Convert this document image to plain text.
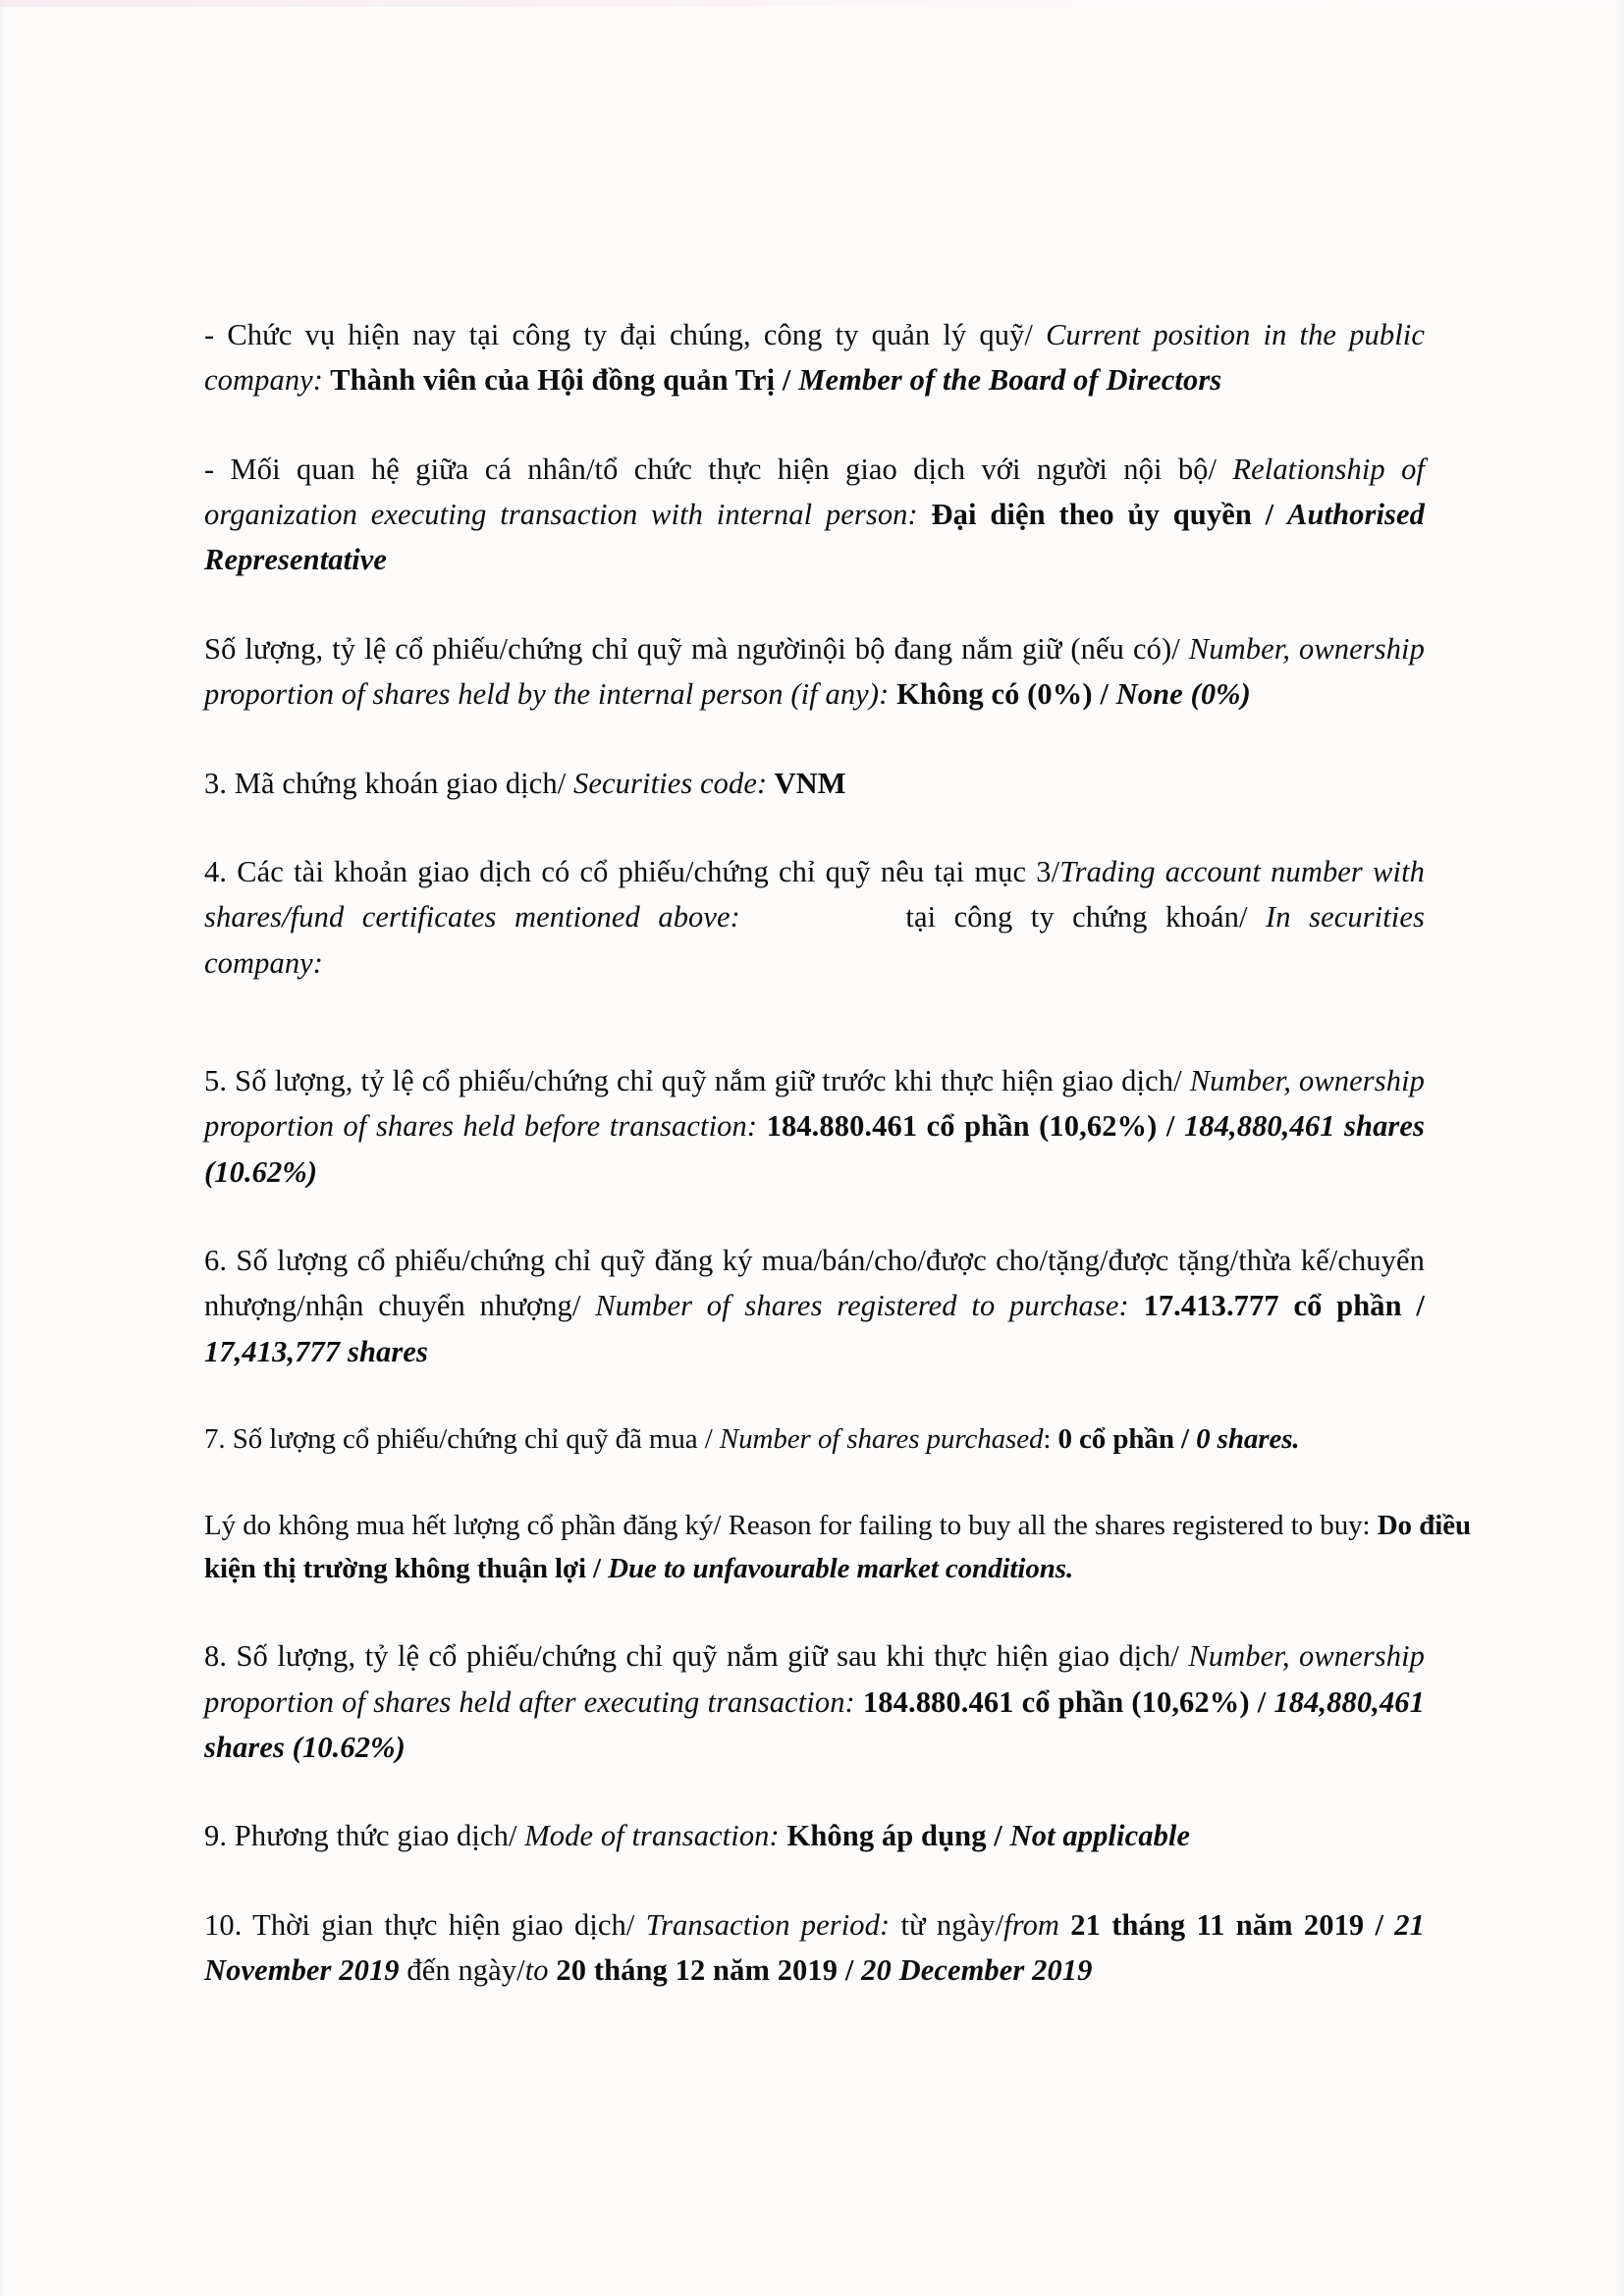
- Chức vụ hiện nay tại công ty đại chúng, công ty quản lý quỹ/ Current position in the public company: Thành viên của Hội đồng quản Trị / Member of the Board of Directors

- Mối quan hệ giữa cá nhân/tổ chức thực hiện giao dịch với người nội bộ/ Relationship of organization executing transaction with internal person: Đại diện theo ủy quyền / Authorised Representative

Số lượng, tỷ lệ cổ phiếu/chứng chỉ quỹ mà ngườinội bộ đang nắm giữ (nếu có)/ Number, ownership proportion of shares held by the internal person (if any): Không có (0%) / None (0%)

3. Mã chứng khoán giao dịch/ Securities code: VNM

4. Các tài khoản giao dịch có cổ phiếu/chứng chỉ quỹ nêu tại mục 3/Trading account number with shares/fund certificates mentioned above:	tại công ty chứng khoán/ In securities company:

5. Số lượng, tỷ lệ cổ phiếu/chứng chỉ quỹ nắm giữ trước khi thực hiện giao dịch/ Number, ownership proportion of shares held before transaction: 184.880.461 cổ phần (10,62%) / 184,880,461 shares (10.62%)

6. Số lượng cổ phiếu/chứng chỉ quỹ đăng ký mua/bán/cho/được cho/tặng/được tặng/thừa kế/chuyển nhượng/nhận chuyển nhượng/ Number of shares registered to purchase: 17.413.777 cổ phần / 17,413,777 shares

7. Số lượng cổ phiếu/chứng chỉ quỹ đã mua / Number of shares purchased: 0 cổ phần / 0 shares.

Lý do không mua hết lượng cổ phần đăng ký/ Reason for failing to buy all the shares registered to buy: Do điều kiện thị trường không thuận lợi / Due to unfavourable market conditions.

8. Số lượng, tỷ lệ cổ phiếu/chứng chỉ quỹ nắm giữ sau khi thực hiện giao dịch/ Number, ownership proportion of shares held after executing transaction: 184.880.461 cổ phần (10,62%) / 184,880,461 shares (10.62%)

9. Phương thức giao dịch/ Mode of transaction: Không áp dụng / Not applicable

10. Thời gian thực hiện giao dịch/ Transaction period: từ ngày/from 21 tháng 11 năm 2019 / 21 November 2019 đến ngày/to 20 tháng 12 năm 2019 / 20 December 2019
